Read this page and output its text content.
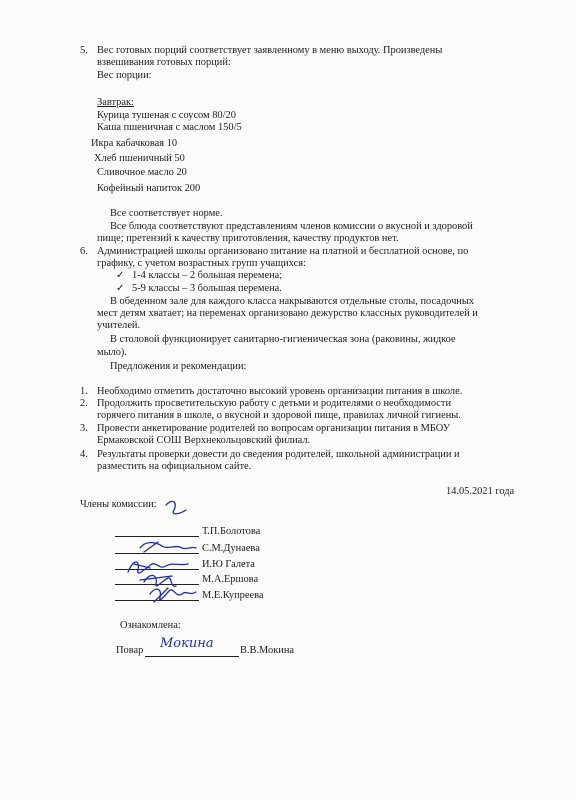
5. Вес готовых порций соответствует заявленному в меню выходу. Произведены
взвешивания готовых порций:
Вес порции:
Завтрак:
Курица тушеная с соусом 80/20
Каша пшеничная с маслом 150/5
Икра кабачковая 10
Хлеб пшеничный 50
Сливочное масло 20
Кофейный напиток 200
Все соответствует норме.
Все блюда соответствуют представлениям членов комиссии о вкусной и здоровой
пище; претензий к качеству приготовления, качеству продуктов нет.
6. Администрацией школы организовано питание на платной и бесплатной основе, по
графику, с учетом возрастных групп учащихся:
✓ 1-4 классы – 2 большая перемена;
✓ 5-9 классы – 3 большая перемена.
В обеденном зале для каждого класса накрываются отдельные столы, посадочных
мест детям хватает; на переменах организовано дежурство классных руководителей и
учителей.
В столовой функционирует санитарно-гигиеническая зона (раковины, жидкое
мыло).
Предложения и рекомендации:
1. Необходимо отметить достаточно высокий уровень организации питания в школе.
2. Продолжить просветительскую работу с детьми и родителями о необходимости
горячего питания в школе, о вкусной и здоровой пище, правилах личной гигиены.
3. Провести анкетирование родителей по вопросам организации питания в МБОУ
Ермаковской СОШ Верхнекольцовский филиал.
4. Результаты проверки довести до сведения родителей, школьной администрации и
разместить на официальном сайте.
14.05.2021 года
Члены комиссии:
Т.П.Болотова
С.М.Дунаева
И.Ю Галета
М.А.Ершова
М.Е.Купреева
Ознакомлена:
Повар Мокина	В.В.Мокина
